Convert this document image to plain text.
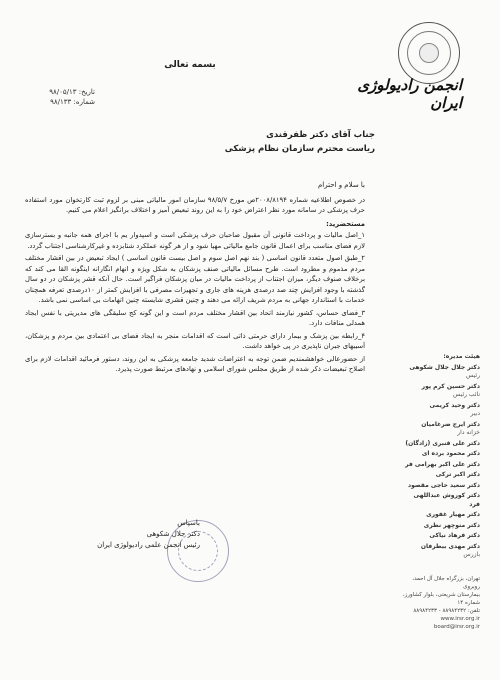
انجمن رادیولوژی ایران
بسمه تعالی
تاریخ: ۹۸/۰۵/۱۳
شماره: ۹۸/۱۳۳
جناب آقای دکتر ظفرقندی
ریاست محترم سازمان نظام پزشکی

با سلام و احترام

در خصوص اطلاعیه شماره ۲۰۰۸/۸۱۹۴ص مورخ ۹۸/۵/۷ سازمان امور مالیاتی مبنی بر لزوم ثبت کارتخوان مورد استفاده حرف پزشکی در سامانه مورد نظر اعتراض خود را به این روند تبعیض آمیز و اختلاف برانگیز اعلام می کنیم.

مستحضرید:

۱_اصل مالیات و پرداخت قانونی آن مقبول صاحبان حرف پزشکی است و اسپدوار یم با اجرای همه جانبه و بسترسازی لازم فضای مناسب برای اعمال قانون جامع مالیاتی مهیا شود و از هر گونه عملکرد شتابزده و غیرکارشناسی اجتناب گردد.

۲_طبق اصول متعدد قانون اساسی ( بند نهم اصل سوم و اصل بیست قانون اساسی ) ایجاد تبعیض در بین اقشار مختلف مردم مذموم و مطرود است. طرح مسائل مالیاتی صنف پزشکان به شکل ویژه و انهام انگارانه اینگونه القا می کند که برخلاف صنوف دیگر، میزان اجتناب از پرداخت مالیات در میان پزشکان فراگیر است. حال آنکه قشر پزشکان در دو سال گذشته با وجود افزایش چند صد درصدی هزینه های جاری و تجهیزات مصرفی با افزایش کمتر از ۱۰درصدی تعرفه همچنان خدمات با استاندارد جهانی به مردم شریف ارائه می دهند و چنین قشری شایسته چنین اتهامات بی اساسی نمی باشد.

۳_فضای حساس، کشور نیازمند اتحاد بین اقشار مختلف مردم است و این گونه کج سلیقگی های مدیریتی با نفس ایجاد همدلی منافات دارد.

۴_رابطه بین پزشک و بیمار دارای حرمتی ذاتی است که اقدامات منجر به ایجاد فضای بی اعتمادی بین مردم و پزشکان، آسیبهای جبران ناپذیری در پی خواهد داشت.

از حضورعالی خواهشمندیم ضمن توجه به اعتراضات شدید جامعه پزشکی به این روند، دستور فرمائید اقدامات لازم برای اصلاح تبعیضات ذکر شده از طریق مجلس شورای اسلامی و نهادهای مرتبط صورت پذیرد.

باسپاس
دکتر جلال شکوهی
رئیس انجمن علمی رادیولوژی ایران
هیئت مدیره:
دکتر جلال جلال شکوهی
رئیس
دکتر حسین کرم پور
نائب رئیس
دکتر وحید کریمی
دبیر
دکتر ایرج ضرغامیان
خزانه دار
دکتر علی قنبری (زادگان)
دکتر محمود برده ای
دکتر علی اکبر بهرامی فر
دکتر اکبر ترکی
دکتر سعید حاجی مقصود
دکتر کوروش عبداللهی فرد
دکتر مهیار غفوری
دکتر منوچهر نظری
دکتر فرهاد نیاکی
دکتر مهدی بیطرفان
بازرس
تهران، بزرگراه جلال آل احمد، روبروی
بیمارستان شریعتی، بلوار کشاورز، شماره ۱۴
تلفن: ۸۸۹۸۴۲۳۲ - ۸۸۹۸۴۲۳۳
www.irsr.org.ir
board@irsr.org.ir
